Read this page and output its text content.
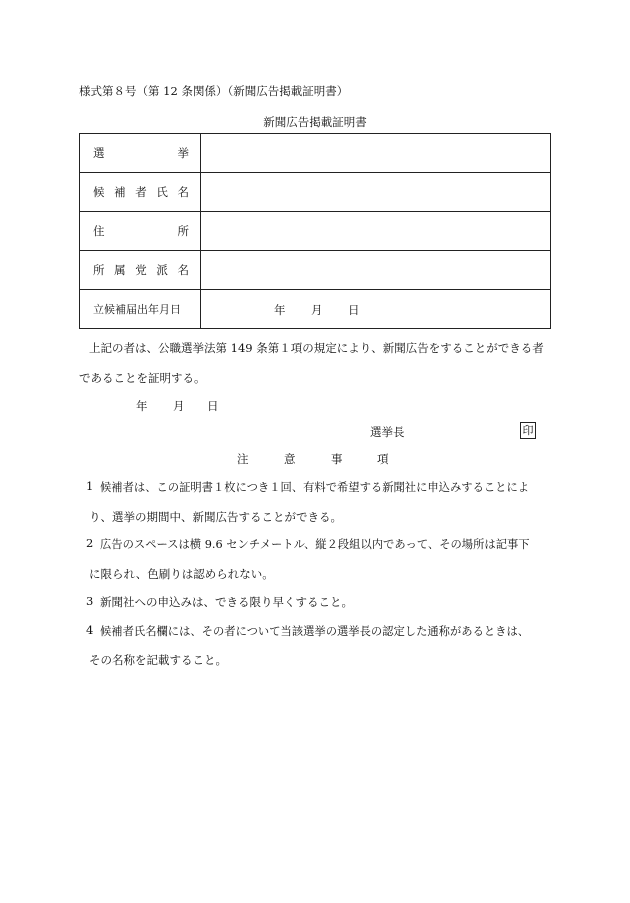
様式第８号（第 12 条関係）（新聞広告掲載証明書）
新聞広告掲載証明書
選　　挙	

候補者氏名	

住　　所	

所属党派名	

立候補届出年月日	年 月 日
上記の者は、公職選挙法第 149 条第１項の規定により、新聞広告をすることができる者
であることを証明する。
年 月 日
選挙長	印
注	意	事	項
1 候補者は、この証明書１枚につき１回、有料で希望する新聞社に申込みすることによ
り、選挙の期間中、新聞広告することができる。
2 広告のスペースは横 9.6 センチメートル、縦２段組以内であって、その場所は記事下
に限られ、色刷りは認められない。
3 新聞社への申込みは、できる限り早くすること。
4 候補者氏名欄には、その者について当該選挙の選挙長の認定した通称があるときは、
その名称を記載すること。
